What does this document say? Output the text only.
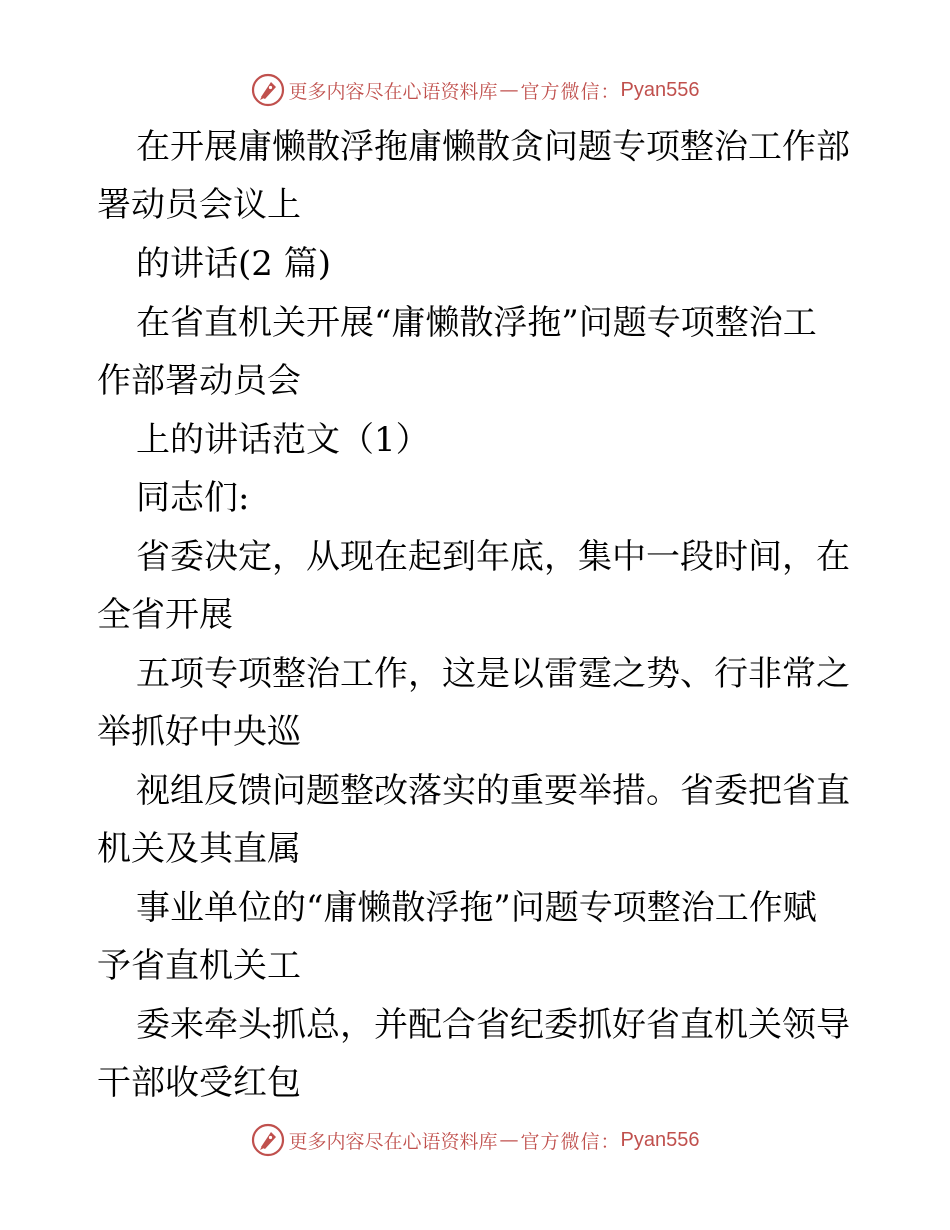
更多内容尽在心语资料库 — 官方微信： Pyan556
在开展庸懒散浮拖庸懒散贪问题专项整治工作部
署动员会议上
的讲话(2 篇)
在省直机关开展“庸懒散浮拖”问题专项整治工
作部署动员会
上的讲话范文（1）
同志们:
省委决定，从现在起到年底，集中一段时间，在
全省开展
五项专项整治工作，这是以雷霆之势、行非常之
举抓好中央巡
视组反馈问题整改落实的重要举措。省委把省直
机关及其直属
事业单位的“庸懒散浮拖”问题专项整治工作赋
予省直机关工
委来牵头抓总，并配合省纪委抓好省直机关领导
干部收受红包
更多内容尽在心语资料库 — 官方微信： Pyan556
